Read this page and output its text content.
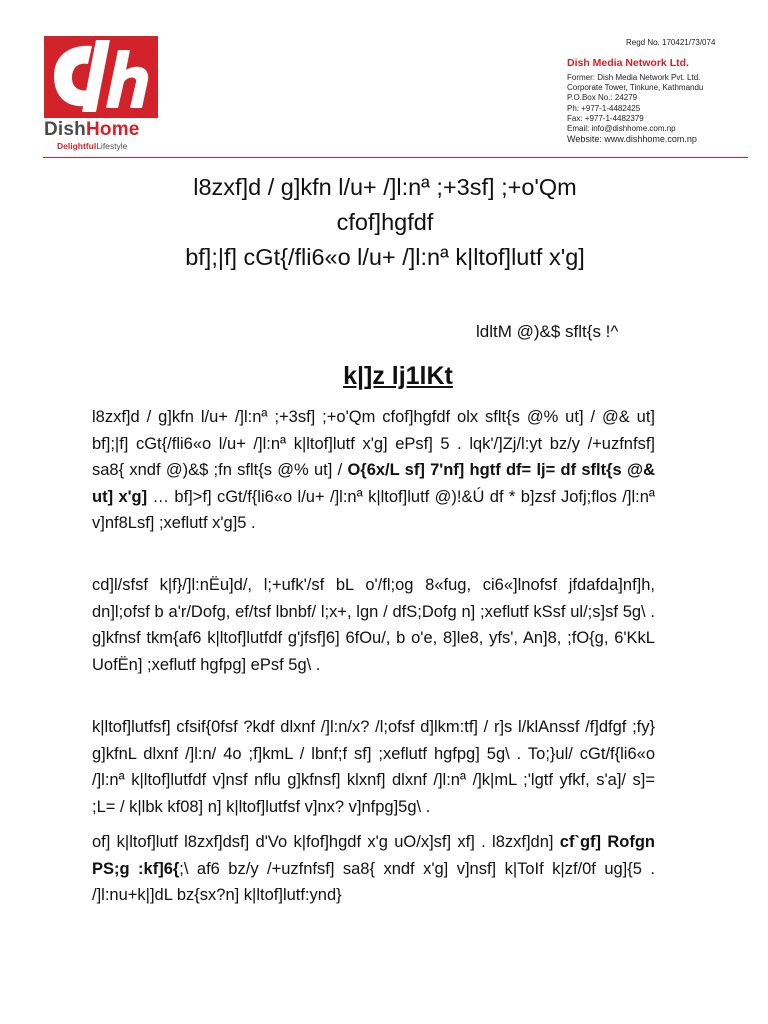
DishHome
DelightfulLifestyle
Regd No. 170421/73/074
Dish Media Network Ltd.
Former: Dish Media Network Pvt. Ltd.
Corporate Tower, Tinkune, Kathmandu
P.O.Box No.: 24279
Ph: +977-1-4482425
Fax: +977-1-4482379
Email: info@dishhome.com.np
Website: www.dishhome.com.np
l8zxf]d / g]kfn l/u+ /]l:nª ;+3sf] ;+o'Qm
cfof]hgfdf
bf];|f] cGt{/fli6«o l/u+ /]l:nª k|ltof]lutf x'g]
ldltM @)&$ sflt{s !^
k|]z lj1lKt

l8zxf]d / g]kfn l/u+ /]l:nª ;+3sf] ;+o'Qm cfof]hgfdf olx sflt{s @% ut] / @& ut] bf];|f] cGt{/fli6«o l/u+ /]l:nª k|ltof]lutf x'g] ePsf] 5 . lqk'/]Zj/l:yt bz/y /+uzfnfsf] sa8{ xndf @)&$ ;fn sflt{s @% ut] / O{6x/L sf] 7'nf] hgtf df= lj= df sflt{s @& ut] x'g] … bf]>f] cGt/f{li6«o l/u+ /]l:nª k|ltof]lutf @)!&Ú df * b]zsf Jofj;flos /]l:nª v]nf8Lsf] ;xeflutf x'g]5 .

cd]l/sfsf k|f}/]l:nËu]d/, l;+ufk'/sf bL o'/fl;og 8«fug, ci6«]lnofsf jfdafda]nf]h, dn]l;ofsf b a'r/Dofg, ef/tsf lbnbf/ l;x+, lgn / dfS;Dofg n] ;xeflutf kSsf ul/;s]sf 5g\ . g]kfnsf tkm{af6 k|ltof]lutfdf g'jfsf]6] 6fOu/, b o'e, 8]le8, yfs', An]8, ;fO{g, 6'KkL UofËn] ;xeflutf hgfpg] ePsf 5g\ .

k|ltof]lutfsf] cfsif{0fsf ?kdf dlxnf /]l:n/x? /l;ofsf d]lkm:tf] / r]s l/klAnssf /f]dfgf ;fy} g]kfnL dlxnf /]l:n/ 4o ;f]kmL / lbnf;f sf] ;xeflutf hgfpg] 5g\ . To;}ul/ cGt/f{li6«o /]l:nª k|ltof]lutfdf v]nsf nflu g]kfnsf] klxnf] dlxnf /]l:nª /]k|mL ;'lgtf yfkf, s'a]/ s]= ;L= / k|lbk kf08] n] k|ltof]lutfsf v]nx? v]nfpg]5g\ .

of] k|ltof]lutf l8zxf]dsf] d'Vo k|fof]hgdf x'g uO/x]sf] xf] . l8zxf]dn] cf`gf] Rofgn PS;g :kf]6{;\ af6 bz/y /+uzfnfsf] sa8{ xndf x'g] v]nsf] k|ToIf k|zf/0f ug]{5 . /]l:nu+k|]dL bz{sx?n] k|ltof]lutf:ynd}
